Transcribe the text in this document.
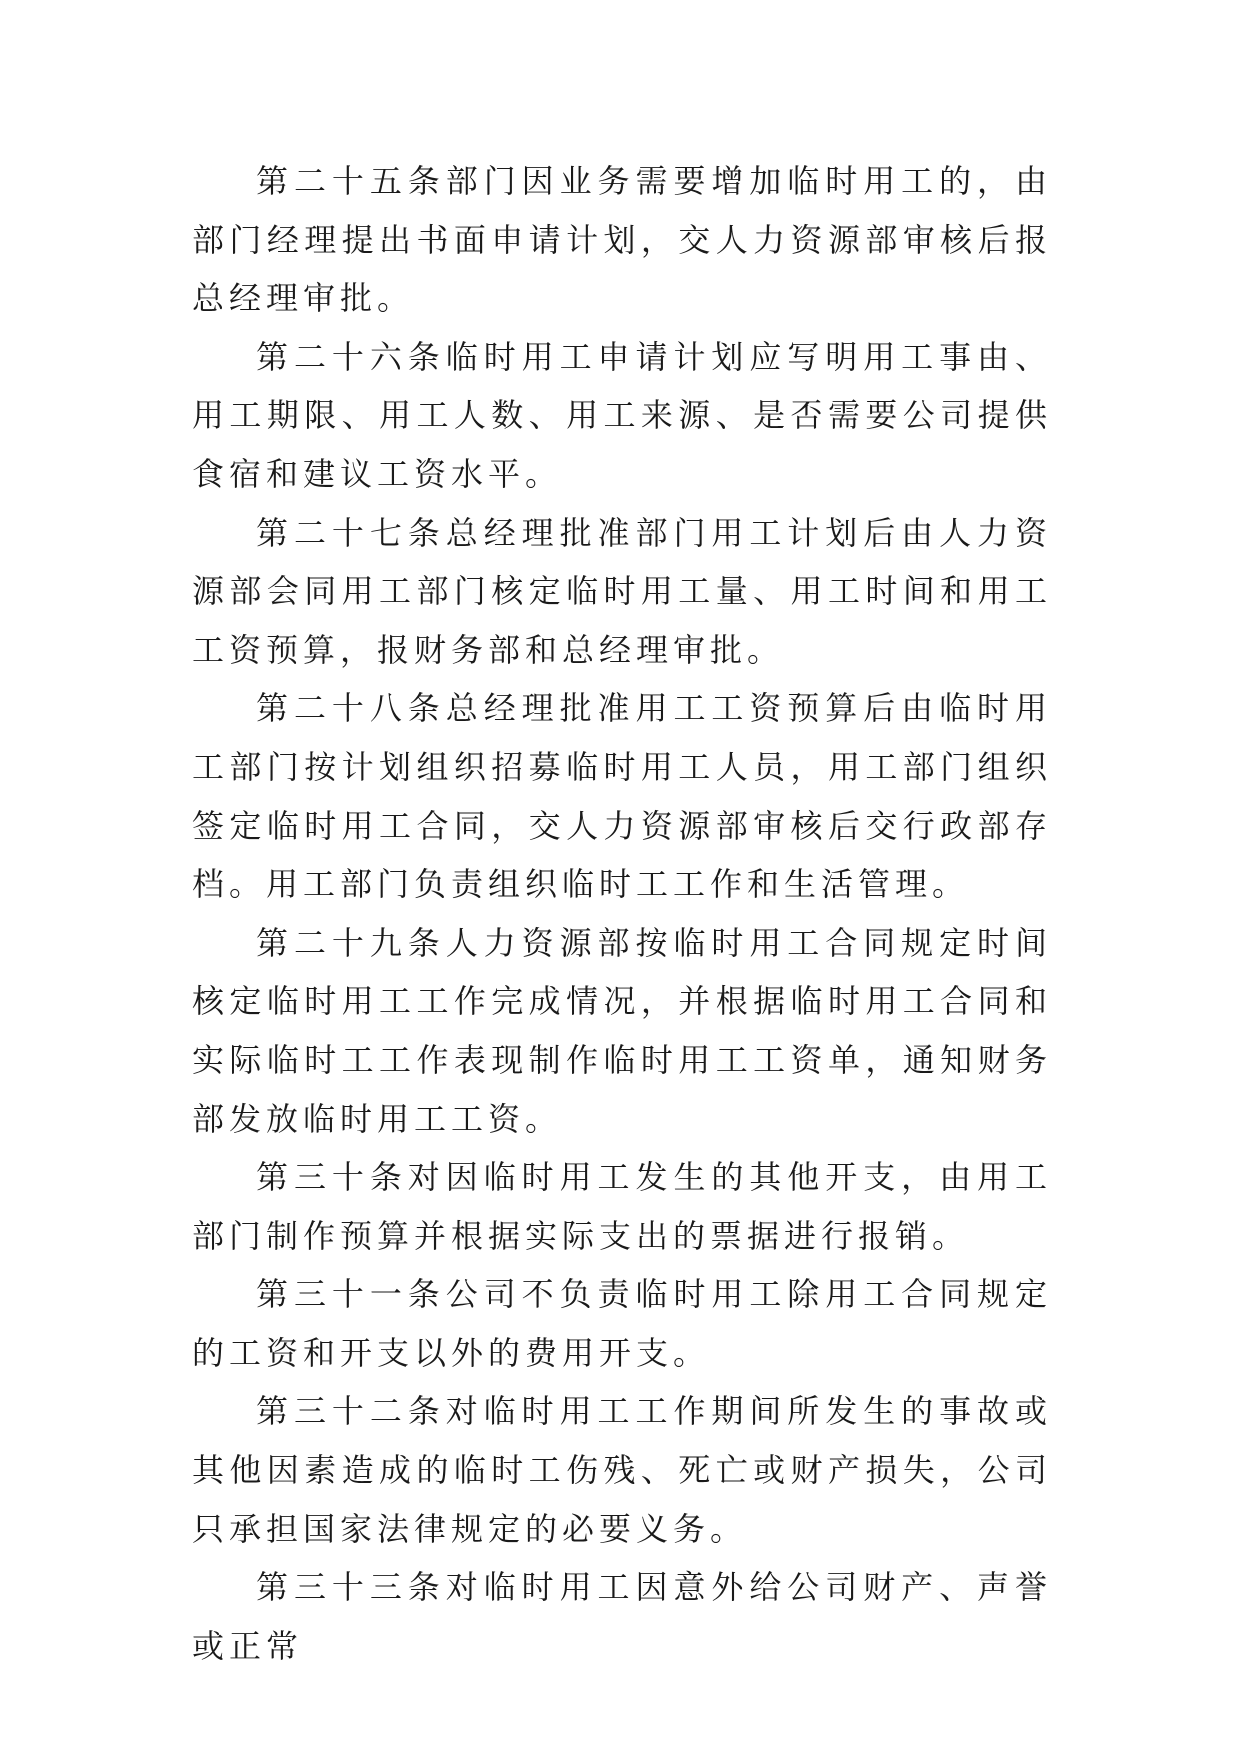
第二十五条部门因业务需要增加临时用工的，由部门经理提出书面申请计划，交人力资源部审核后报总经理审批。

第二十六条临时用工申请计划应写明用工事由、用工期限、用工人数、用工来源、是否需要公司提供食宿和建议工资水平。

第二十七条总经理批准部门用工计划后由人力资源部会同用工部门核定临时用工量、用工时间和用工工资预算，报财务部和总经理审批。

第二十八条总经理批准用工工资预算后由临时用工部门按计划组织招募临时用工人员，用工部门组织签定临时用工合同，交人力资源部审核后交行政部存档。用工部门负责组织临时工工作和生活管理。

第二十九条人力资源部按临时用工合同规定时间核定临时用工工作完成情况，并根据临时用工合同和实际临时工工作表现制作临时用工工资单，通知财务部发放临时用工工资。

第三十条对因临时用工发生的其他开支，由用工部门制作预算并根据实际支出的票据进行报销。

第三十一条公司不负责临时用工除用工合同规定的工资和开支以外的费用开支。

第三十二条对临时用工工作期间所发生的事故或其他因素造成的临时工伤残、死亡或财产损失，公司只承担国家法律规定的必要义务。

第三十三条对临时用工因意外给公司财产、声誉或正常
